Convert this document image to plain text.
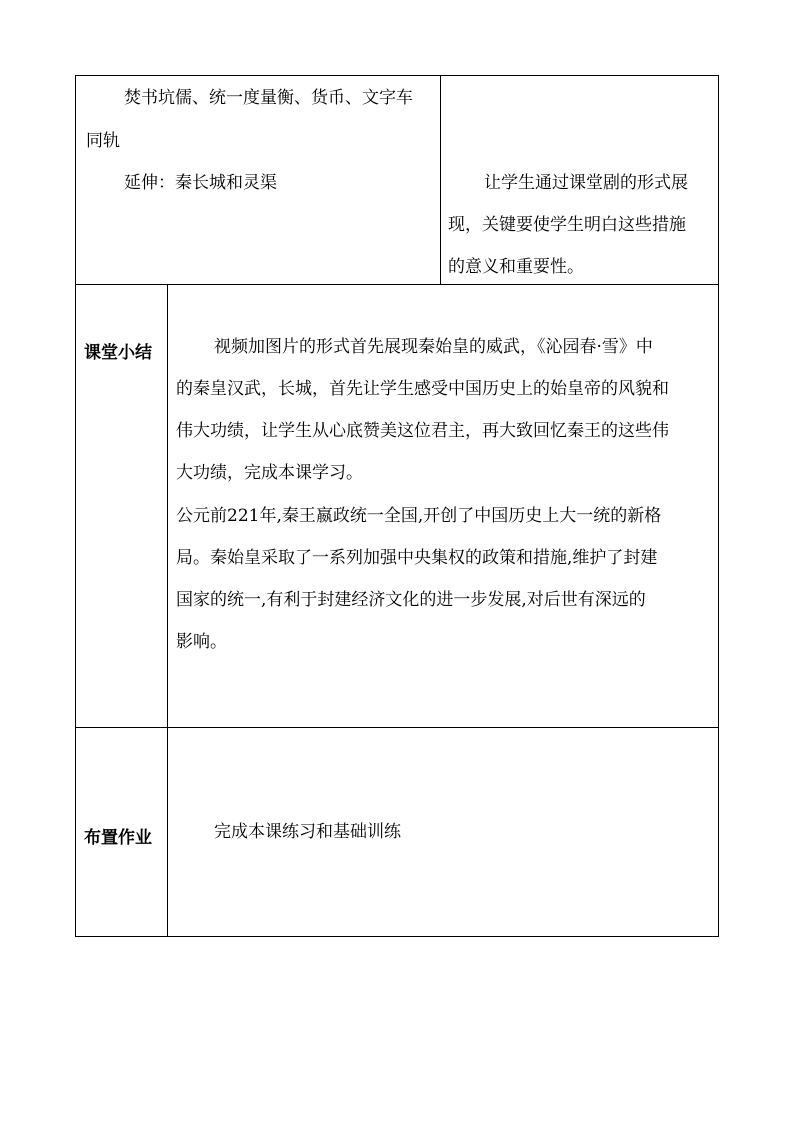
焚书坑儒、统一度量衡、货币、文字车

同轨

延伸：秦长城和灵渠	让学生通过课堂剧的形式展

现，关键要使学生明白这些措施

的意义和重要性。

课堂小结	视频加图片的形式首先展现秦始皇的威武，《沁园春·雪》中

的秦皇汉武，长城，首先让学生感受中国历史上的始皇帝的风貌和

伟大功绩，让学生从心底赞美这位君主，再大致回忆秦王的这些伟

大功绩，完成本课学习。

公元前221年,秦王嬴政统一全国,开创了中国历史上大一统的新格

局。秦始皇采取了一系列加强中央集权的政策和措施,维护了封建

国家的统一,有利于封建经济文化的进一步发展,对后世有深远的

影响。

布置作业	完成本课练习和基础训练
